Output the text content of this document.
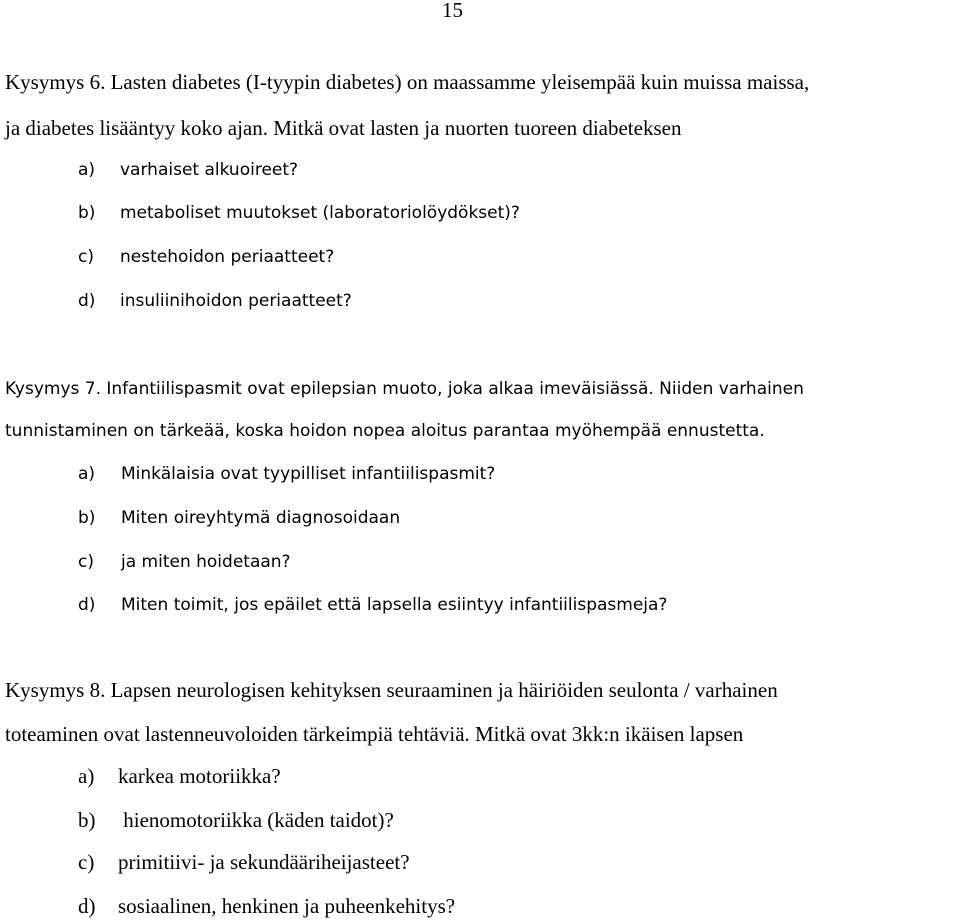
15
Kysymys 6. Lasten diabetes (I-tyypin diabetes) on maassamme yleisempää kuin muissa maissa,
ja diabetes lisääntyy koko ajan. Mitkä ovat lasten ja nuorten tuoreen diabeteksen
a) varhaiset alkuoireet?
b) metaboliset muutokset (laboratoriolöydökset)?
c) nestehoidon periaatteet?
d) insuliinihoidon periaatteet?
Kysymys 7. Infantiilispasmit ovat epilepsian muoto, joka alkaa imeväisiässä. Niiden varhainen
tunnistaminen on tärkeää, koska hoidon nopea aloitus parantaa myöhempää ennustetta.
a) Minkälaisia ovat tyypilliset infantiilispasmit?
b) Miten oireyhtymä diagnosoidaan
c) ja miten hoidetaan?
d) Miten toimit, jos epäilet että lapsella esiintyy infantiilispasmeja?
Kysymys 8. Lapsen neurologisen kehityksen seuraaminen ja häiriöiden seulonta / varhainen
toteaminen ovat lastenneuvoloiden tärkeimpiä tehtäviä. Mitkä ovat 3kk:n ikäisen lapsen
a) karkea motoriikka?
b) hienomotoriikka (käden taidot)?
c) primitiivi- ja sekundääriheijasteet?
d) sosiaalinen, henkinen ja puheenkehitys?
